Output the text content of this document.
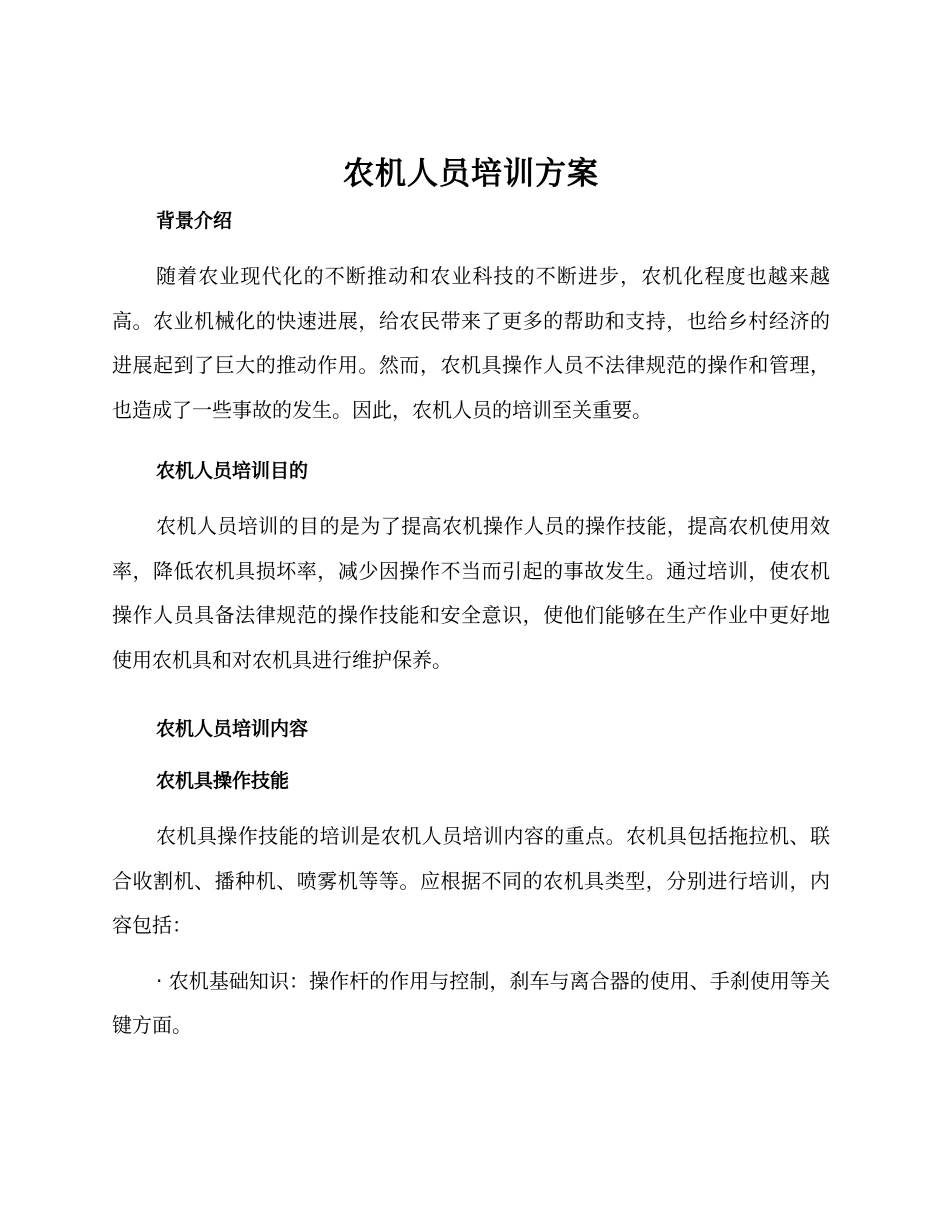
农机人员培训方案
背景介绍

随着农业现代化的不断推动和农业科技的不断进步，农机化程度也越来越高。农业机械化的快速进展，给农民带来了更多的帮助和支持，也给乡村经济的进展起到了巨大的推动作用。然而，农机具操作人员不法律规范的操作和管理，也造成了一些事故的发生。因此，农机人员的培训至关重要。

农机人员培训目的

农机人员培训的目的是为了提高农机操作人员的操作技能，提高农机使用效率，降低农机具损坏率，减少因操作不当而引起的事故发生。通过培训，使农机操作人员具备法律规范的操作技能和安全意识，使他们能够在生产作业中更好地使用农机具和对农机具进行维护保养。

农机人员培训内容
农机具操作技能

农机具操作技能的培训是农机人员培训内容的重点。农机具包括拖拉机、联合收割机、播种机、喷雾机等等。应根据不同的农机具类型，分别进行培训，内容包括：

· 农机基础知识：操作杆的作用与控制，刹车与离合器的使用、手刹使用等关键方面。
